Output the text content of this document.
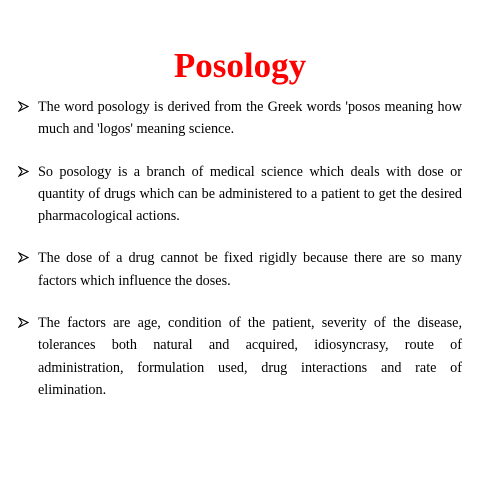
Posology
The word posology is derived from the Greek words 'posos meaning how much and 'logos' meaning science.
So posology is a branch of medical science which deals with dose or quantity of drugs which can be administered to a patient to get the desired pharmacological actions.
The dose of a drug cannot be fixed rigidly because there are so many factors which influence the doses.
The factors are age, condition of the patient, severity of the disease, tolerances both natural and acquired, idiosyncrasy, route of administration, formulation used, drug interactions and rate of elimination.
